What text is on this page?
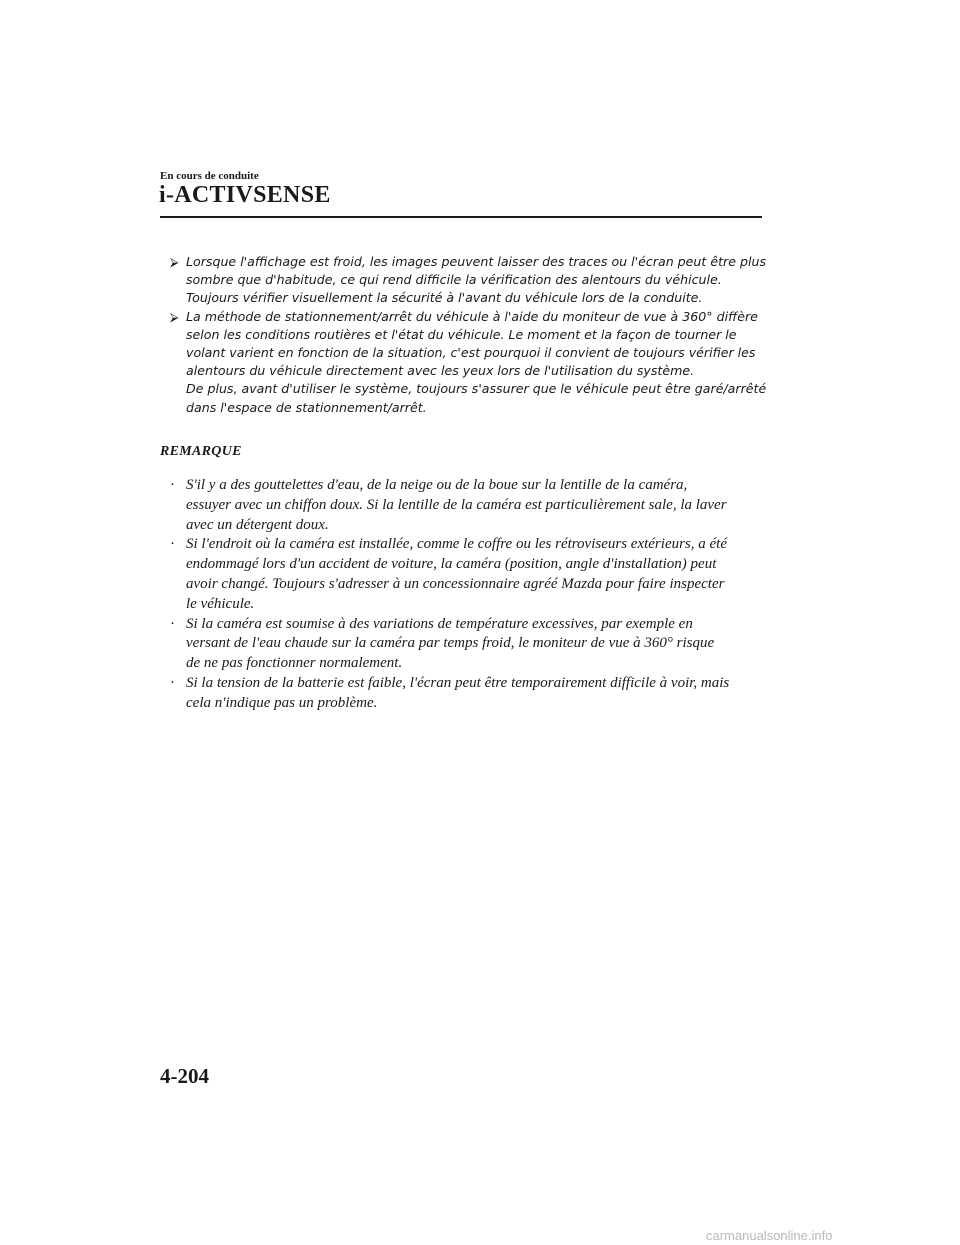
En cours de conduite
i-ACTIVSENSE
⮚ Lorsque l'affichage est froid, les images peuvent laisser des traces ou l'écran peut être plus
sombre que d'habitude, ce qui rend difficile la vérification des alentours du véhicule.
Toujours vérifier visuellement la sécurité à l'avant du véhicule lors de la conduite.
⮚ La méthode de stationnement/arrêt du véhicule à l'aide du moniteur de vue à 360° diffère
selon les conditions routières et l'état du véhicule. Le moment et la façon de tourner le
volant varient en fonction de la situation, c'est pourquoi il convient de toujours vérifier les
alentours du véhicule directement avec les yeux lors de l'utilisation du système.
De plus, avant d'utiliser le système, toujours s'assurer que le véhicule peut être garé/arrêté
dans l'espace de stationnement/arrêt.
REMARQUE
· S'il y a des gouttelettes d'eau, de la neige ou de la boue sur la lentille de la caméra,
essuyer avec un chiffon doux. Si la lentille de la caméra est particulièrement sale, la laver
avec un détergent doux.
· Si l'endroit où la caméra est installée, comme le coffre ou les rétroviseurs extérieurs, a été
endommagé lors d'un accident de voiture, la caméra (position, angle d'installation) peut
avoir changé. Toujours s'adresser à un concessionnaire agréé Mazda pour faire inspecter
le véhicule.
· Si la caméra est soumise à des variations de température excessives, par exemple en
versant de l'eau chaude sur la caméra par temps froid, le moniteur de vue à 360° risque
de ne pas fonctionner normalement.
· Si la tension de la batterie est faible, l'écran peut être temporairement difficile à voir, mais
cela n'indique pas un problème.
4-204
carmanualsonline.info
